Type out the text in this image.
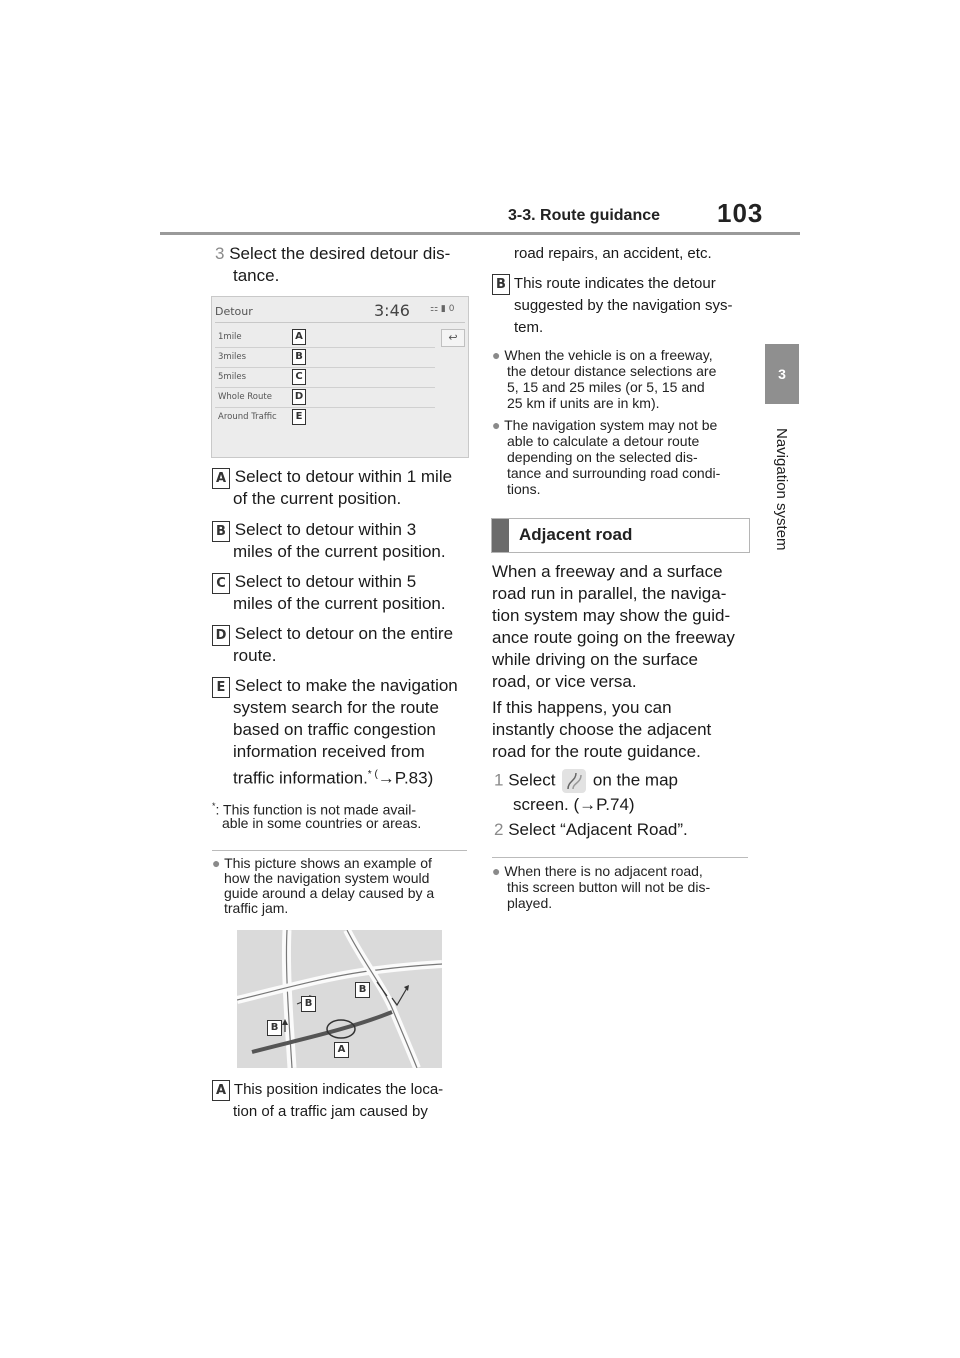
3-3. Route guidance 103
3
Navigation system
3 Select the desired detour dis-
tance.
Detour	3:46 ⚏ ▮ 0
1mile	A
3miles	B
5miles	C
Whole Route D
Around Traffic	E
↩
A Select to detour within 1 mile
of the current position.
B Select to detour within 3
miles of the current position.
C Select to detour within 5
miles of the current position.
D Select to detour on the entire
route.
E Select to make the navigation
system search for the route
based on traffic congestion
information received from
traffic information.* (→P.83)
*: This function is not made avail-
able in some countries or areas.
● This picture shows an example of
how the navigation system would
guide around a delay caused by a
traffic jam.
B
B
B
A
A This position indicates the loca-
tion of a traffic jam caused by
road repairs, an accident, etc.
B This route indicates the detour
suggested by the navigation sys-
tem.
● When the vehicle is on a freeway,
the detour distance selections are
5, 15 and 25 miles (or 5, 15 and
25 km if units are in km).
● The navigation system may not be
able to calculate a detour route
depending on the selected dis-
tance and surrounding road condi-
tions.
Adjacent road
When a freeway and a surface
road run in parallel, the naviga-
tion system may show the guid-
ance route going on the freeway
while driving on the surface
road, or vice versa.
If this happens, you can
instantly choose the adjacent
road for the route guidance.
1 Select on the map
screen. (→P.74)
2 Select “Adjacent Road”.
● When there is no adjacent road,
this screen button will not be dis-
played.
